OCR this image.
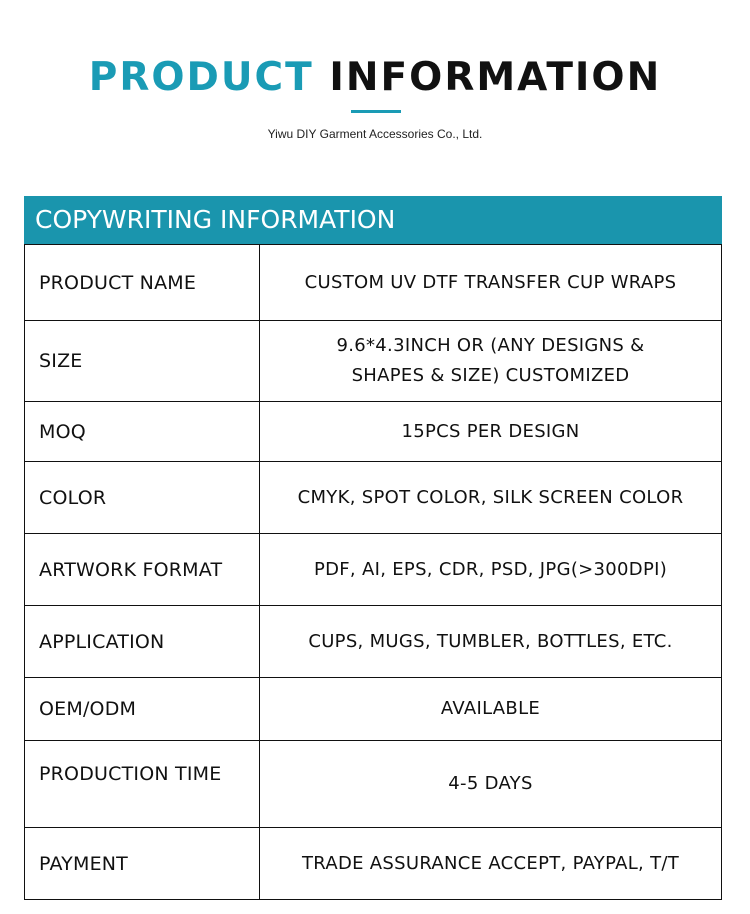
PRODUCT INFORMATION
Yiwu DIY Garment Accessories Co., Ltd.
COPYWRITING INFORMATION
PRODUCT NAME	CUSTOM UV DTF TRANSFER CUP WRAPS
SIZE	9.6*4.3INCH OR (ANY DESIGNS &
SHAPES & SIZE) CUSTOMIZED

MOQ	15PCS PER DESIGN
COLOR	CMYK, SPOT COLOR, SILK SCREEN COLOR
ARTWORK FORMAT	PDF, AI, EPS, CDR, PSD, JPG(>300DPI)
APPLICATION	CUPS, MUGS, TUMBLER, BOTTLES, ETC.
OEM/ODM	AVAILABLE
PRODUCTION TIME	4-5 DAYS
PAYMENT	TRADE ASSURANCE ACCEPT, PAYPAL, T/T
